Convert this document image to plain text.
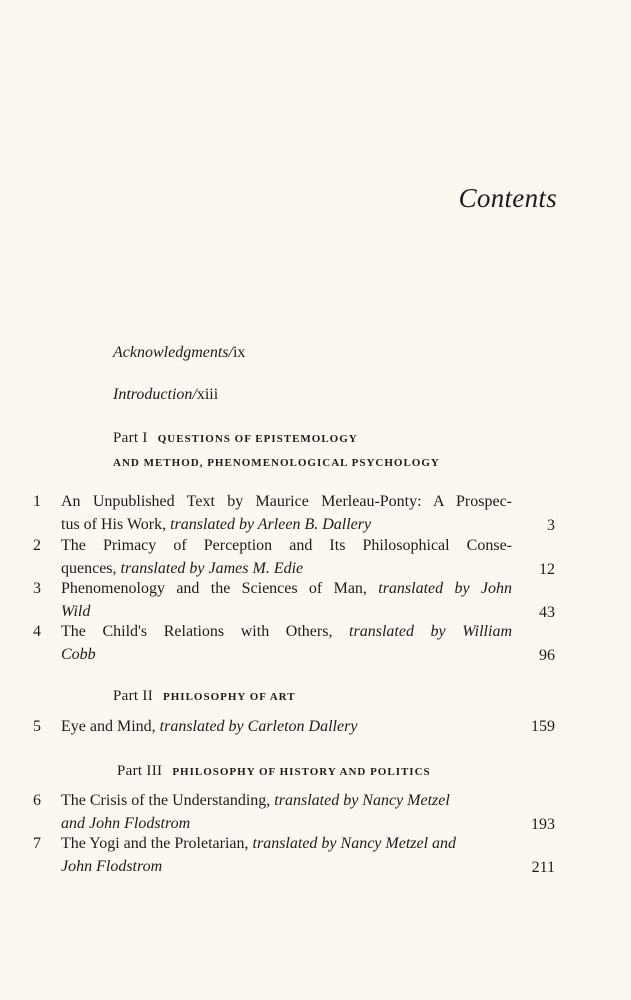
Contents
Acknowledgments/ix
Introduction/xiii
Part I QUESTIONS OF EPISTEMOLOGY
AND METHOD, PHENOMENOLOGICAL PSYCHOLOGY
1 An Unpublished Text by Maurice Merleau-Ponty: A Prospec-
tus of His Work, translated by Arleen B. Dallery	3
2 The Primacy of Perception and Its Philosophical Conse-
quences, translated by James M. Edie	12
3 Phenomenology and the Sciences of Man, translated by John
Wild	43
4 The Child's Relations with Others, translated by William
Cobb	96
Part II PHILOSOPHY OF ART
5 Eye and Mind, translated by Carleton Dallery	159
Part III PHILOSOPHY OF HISTORY AND POLITICS
6 The Crisis of the Understanding, translated by Nancy Metzel
and John Flodstrom	193
7 The Yogi and the Proletarian, translated by Nancy Metzel and
John Flodstrom	211
